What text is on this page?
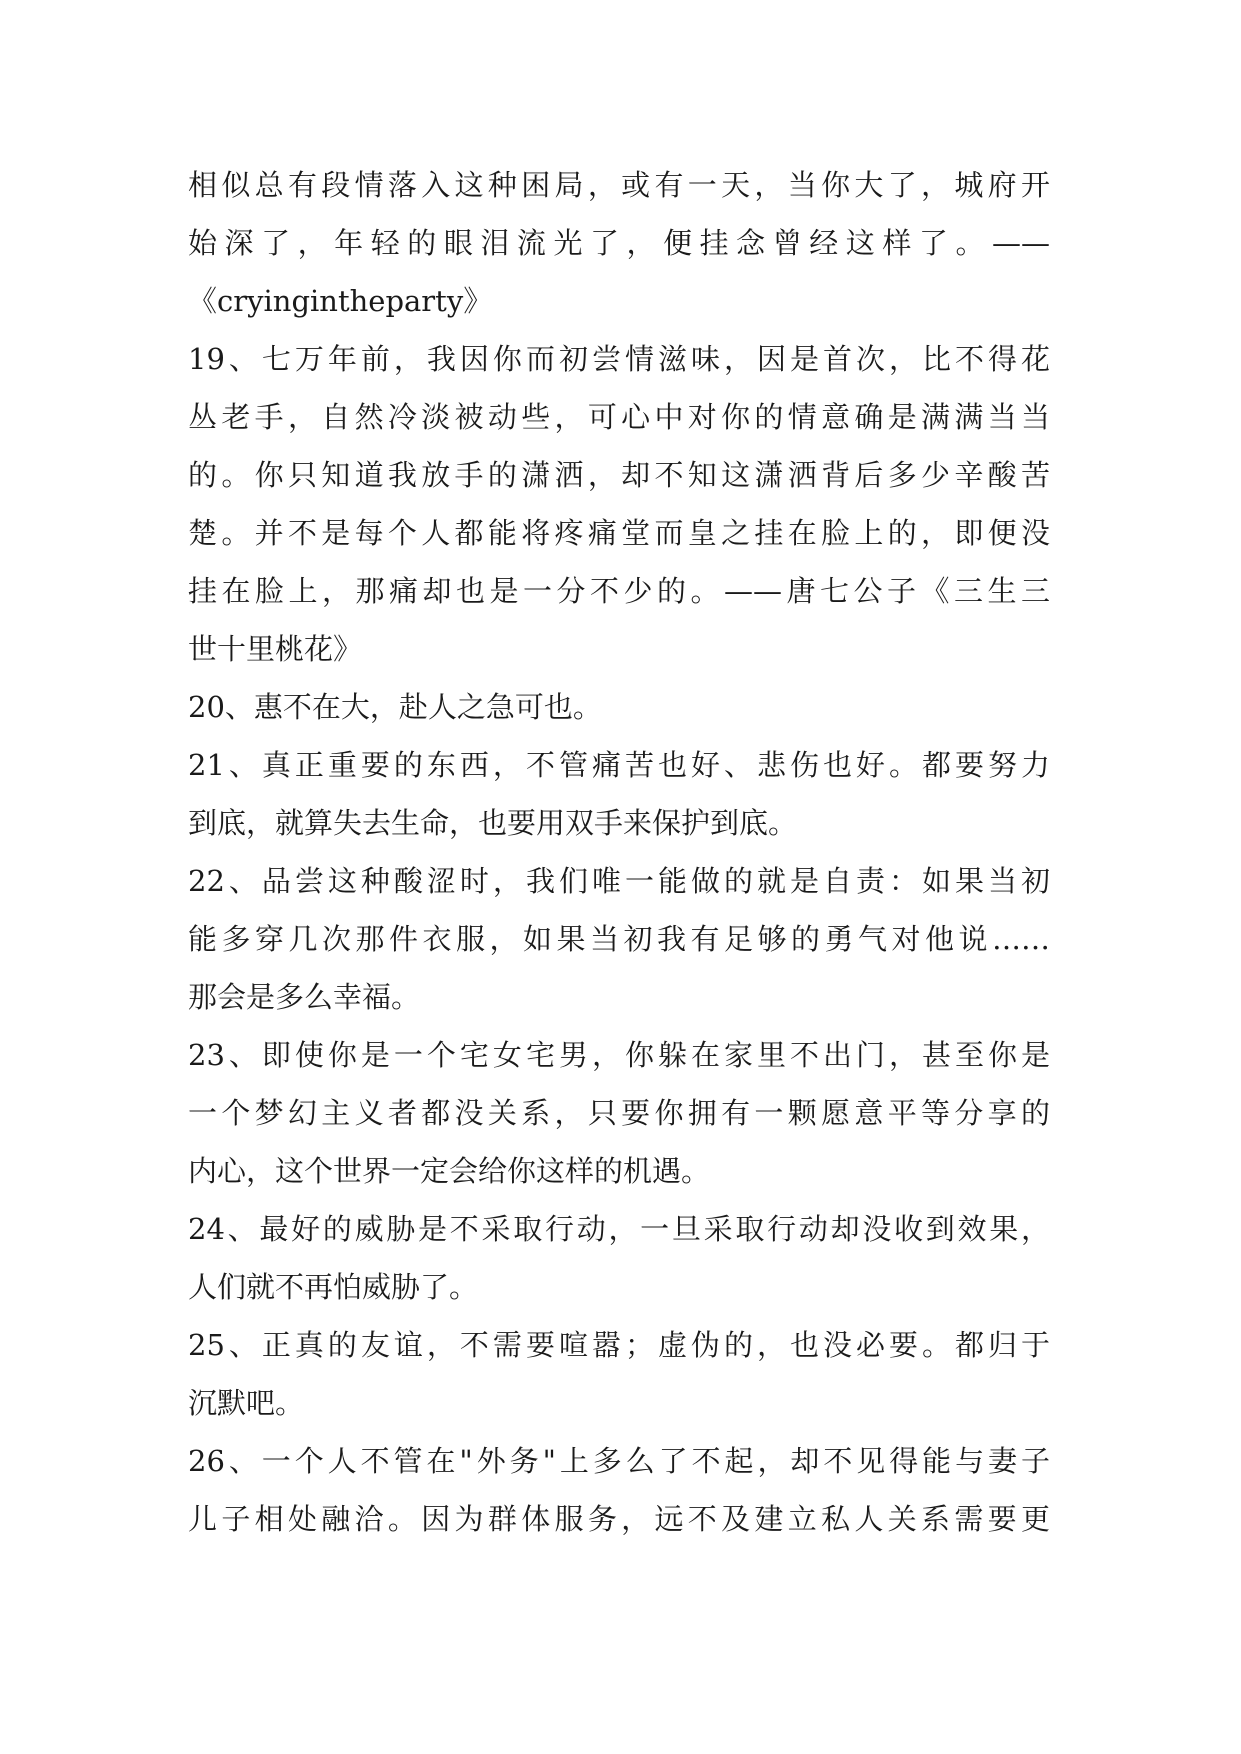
相似总有段情落入这种困局，或有一天，当你大了，城府开
始深了，年轻的眼泪流光了，便挂念曾经这样了。——
《cryingintheparty》
19、七万年前，我因你而初尝情滋味，因是首次，比不得花
丛老手，自然冷淡被动些，可心中对你的情意确是满满当当
的。你只知道我放手的潇洒，却不知这潇洒背后多少辛酸苦
楚。并不是每个人都能将疼痛堂而皇之挂在脸上的，即便没
挂在脸上，那痛却也是一分不少的。——唐七公子《三生三
世十里桃花》
20、惠不在大，赴人之急可也。
21、真正重要的东西，不管痛苦也好、悲伤也好。都要努力
到底，就算失去生命，也要用双手来保护到底。
22、品尝这种酸涩时，我们唯一能做的就是自责：如果当初
能多穿几次那件衣服，如果当初我有足够的勇气对他说……
那会是多么幸福。
23、即使你是一个宅女宅男，你躲在家里不出门，甚至你是
一个梦幻主义者都没关系，只要你拥有一颗愿意平等分享的
内心，这个世界一定会给你这样的机遇。
24、最好的威胁是不采取行动，一旦采取行动却没收到效果，
人们就不再怕威胁了。
25、正真的友谊，不需要喧嚣；虚伪的，也没必要。都归于
沉默吧。
26、一个人不管在"外务"上多么了不起，却不见得能与妻子
儿子相处融洽。因为群体服务，远不及建立私人关系需要更
